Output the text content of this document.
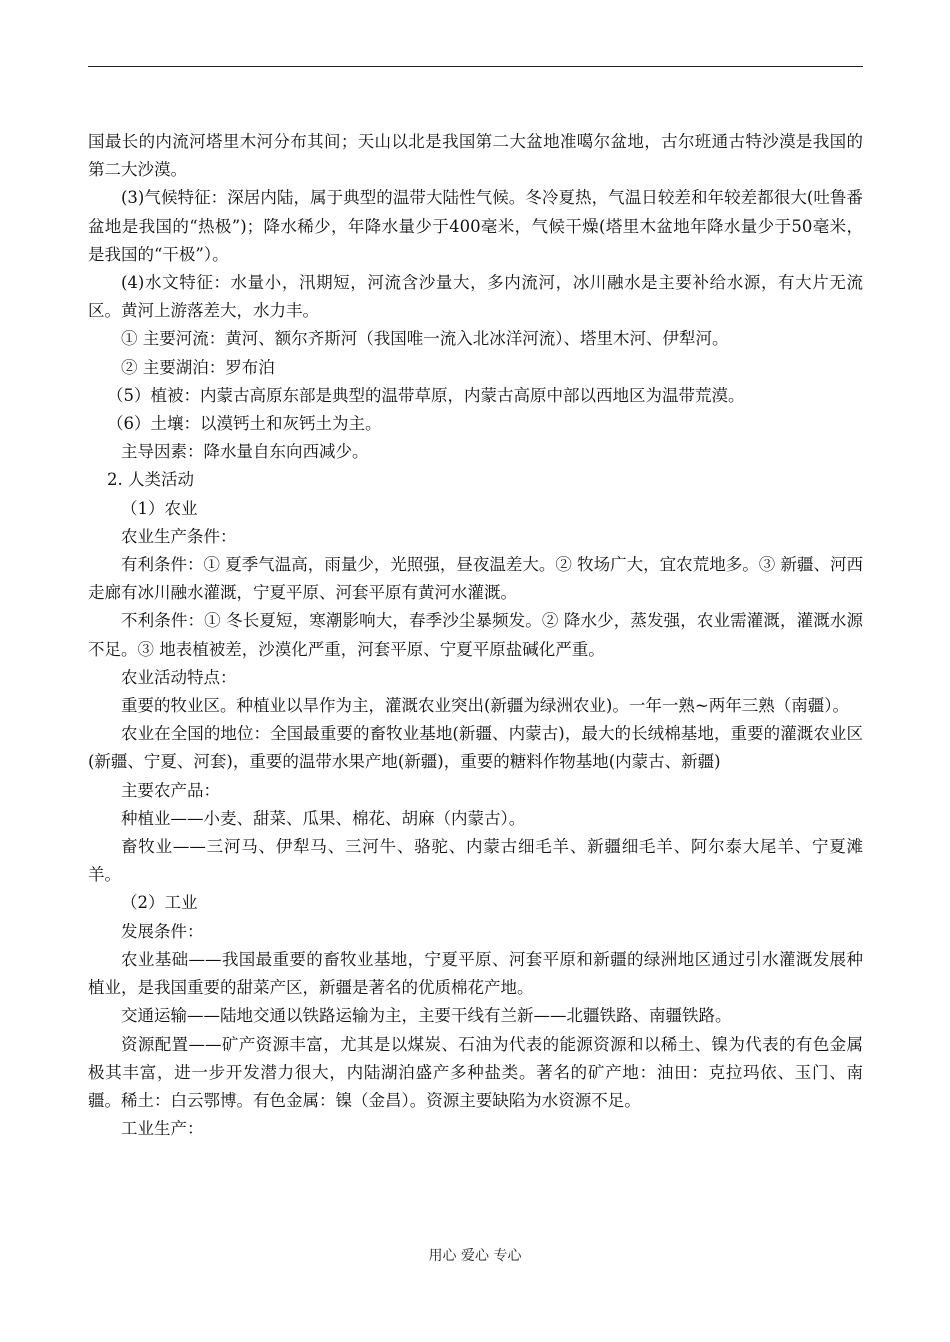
国最长的内流河塔里木河分布其间；天山以北是我国第二大盆地准噶尔盆地，古尔班通古特沙漠是我国的第二大沙漠。

(3)气候特征：深居内陆，属于典型的温带大陆性气候。冬冷夏热，气温日较差和年较差都很大(吐鲁番盆地是我国的“热极”)；降水稀少，年降水量少于400毫米，气候干燥(塔里木盆地年降水量少于50毫米，是我国的“干极”）。

(4)水文特征：水量小，汛期短，河流含沙量大，多内流河，冰川融水是主要补给水源，有大片无流区。黄河上游落差大，水力丰。

① 主要河流：黄河、额尔齐斯河（我国唯一流入北冰洋河流）、塔里木河、伊犁河。

② 主要湖泊：罗布泊

（5）植被：内蒙古高原东部是典型的温带草原，内蒙古高原中部以西地区为温带荒漠。

（6）土壤：以漠钙土和灰钙土为主。

主导因素：降水量自东向西减少。

2. 人类活动

（1）农业

农业生产条件：

有利条件：① 夏季气温高，雨量少，光照强，昼夜温差大。② 牧场广大，宜农荒地多。③ 新疆、河西走廊有冰川融水灌溉，宁夏平原、河套平原有黄河水灌溉。

不利条件：① 冬长夏短，寒潮影响大，春季沙尘暴频发。② 降水少，蒸发强，农业需灌溉，灌溉水源不足。③ 地表植被差，沙漠化严重，河套平原、宁夏平原盐碱化严重。

农业活动特点：

重要的牧业区。种植业以旱作为主，灌溉农业突出(新疆为绿洲农业)。一年一熟~两年三熟（南疆）。

农业在全国的地位：全国最重要的畜牧业基地(新疆、内蒙古)，最大的长绒棉基地，重要的灌溉农业区(新疆、宁夏、河套)，重要的温带水果产地(新疆)，重要的糖料作物基地(内蒙古、新疆)

主要农产品：

种植业——小麦、甜菜、瓜果、棉花、胡麻（内蒙古）。

畜牧业——三河马、伊犁马、三河牛、骆驼、内蒙古细毛羊、新疆细毛羊、阿尔泰大尾羊、宁夏滩羊。

（2）工业

发展条件：

农业基础——我国最重要的畜牧业基地，宁夏平原、河套平原和新疆的绿洲地区通过引水灌溉发展种植业，是我国重要的甜菜产区，新疆是著名的优质棉花产地。

交通运输——陆地交通以铁路运输为主，主要干线有兰新——北疆铁路、南疆铁路。

资源配置——矿产资源丰富，尤其是以煤炭、石油为代表的能源资源和以稀土、镍为代表的有色金属极其丰富，进一步开发潜力很大，内陆湖泊盛产多种盐类。著名的矿产地：油田：克拉玛依、玉门、南疆。稀土：白云鄂博。有色金属：镍（金昌）。资源主要缺陷为水资源不足。

工业生产：

用心 爱心 专心
